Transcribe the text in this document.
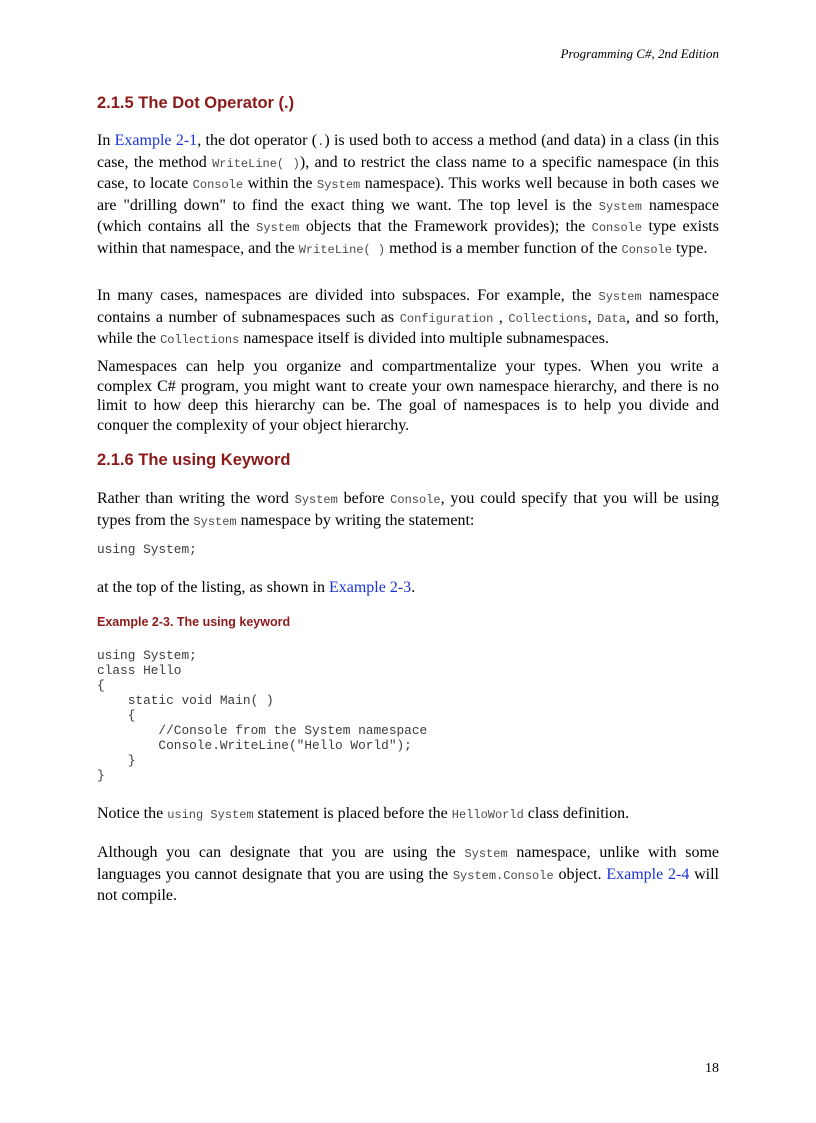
Programming C#, 2nd Edition
2.1.5 The Dot Operator (.)

In Example 2-1, the dot operator (.) is used both to access a method (and data) in a class (in this case, the method WriteLine( )), and to restrict the class name to a specific namespace (in this case, to locate Console within the System namespace). This works well because in both cases we are "drilling down" to find the exact thing we want. The top level is the System namespace (which contains all the System objects that the Framework provides); the Console type exists within that namespace, and the WriteLine( ) method is a member function of the Console type.

In many cases, namespaces are divided into subspaces. For example, the System namespace contains a number of subnamespaces such as Configuration , Collections, Data, and so forth, while the Collections namespace itself is divided into multiple subnamespaces.

Namespaces can help you organize and compartmentalize your types. When you write a complex C# program, you might want to create your own namespace hierarchy, and there is no limit to how deep this hierarchy can be. The goal of namespaces is to help you divide and conquer the complexity of your object hierarchy.

2.1.6 The using Keyword

Rather than writing the word System before Console, you could specify that you will be using types from the System namespace by writing the statement:

using System;

at the top of the listing, as shown in Example 2-3.

Example 2-3. The using keyword
using System;
class Hello
{
static void Main( )
{
//Console from the System namespace
Console.WriteLine("Hello World");
}
}

Notice the using System statement is placed before the HelloWorld class definition.

Although you can designate that you are using the System namespace, unlike with some languages you cannot designate that you are using the System.Console object. Example 2-4 will not compile.

18
